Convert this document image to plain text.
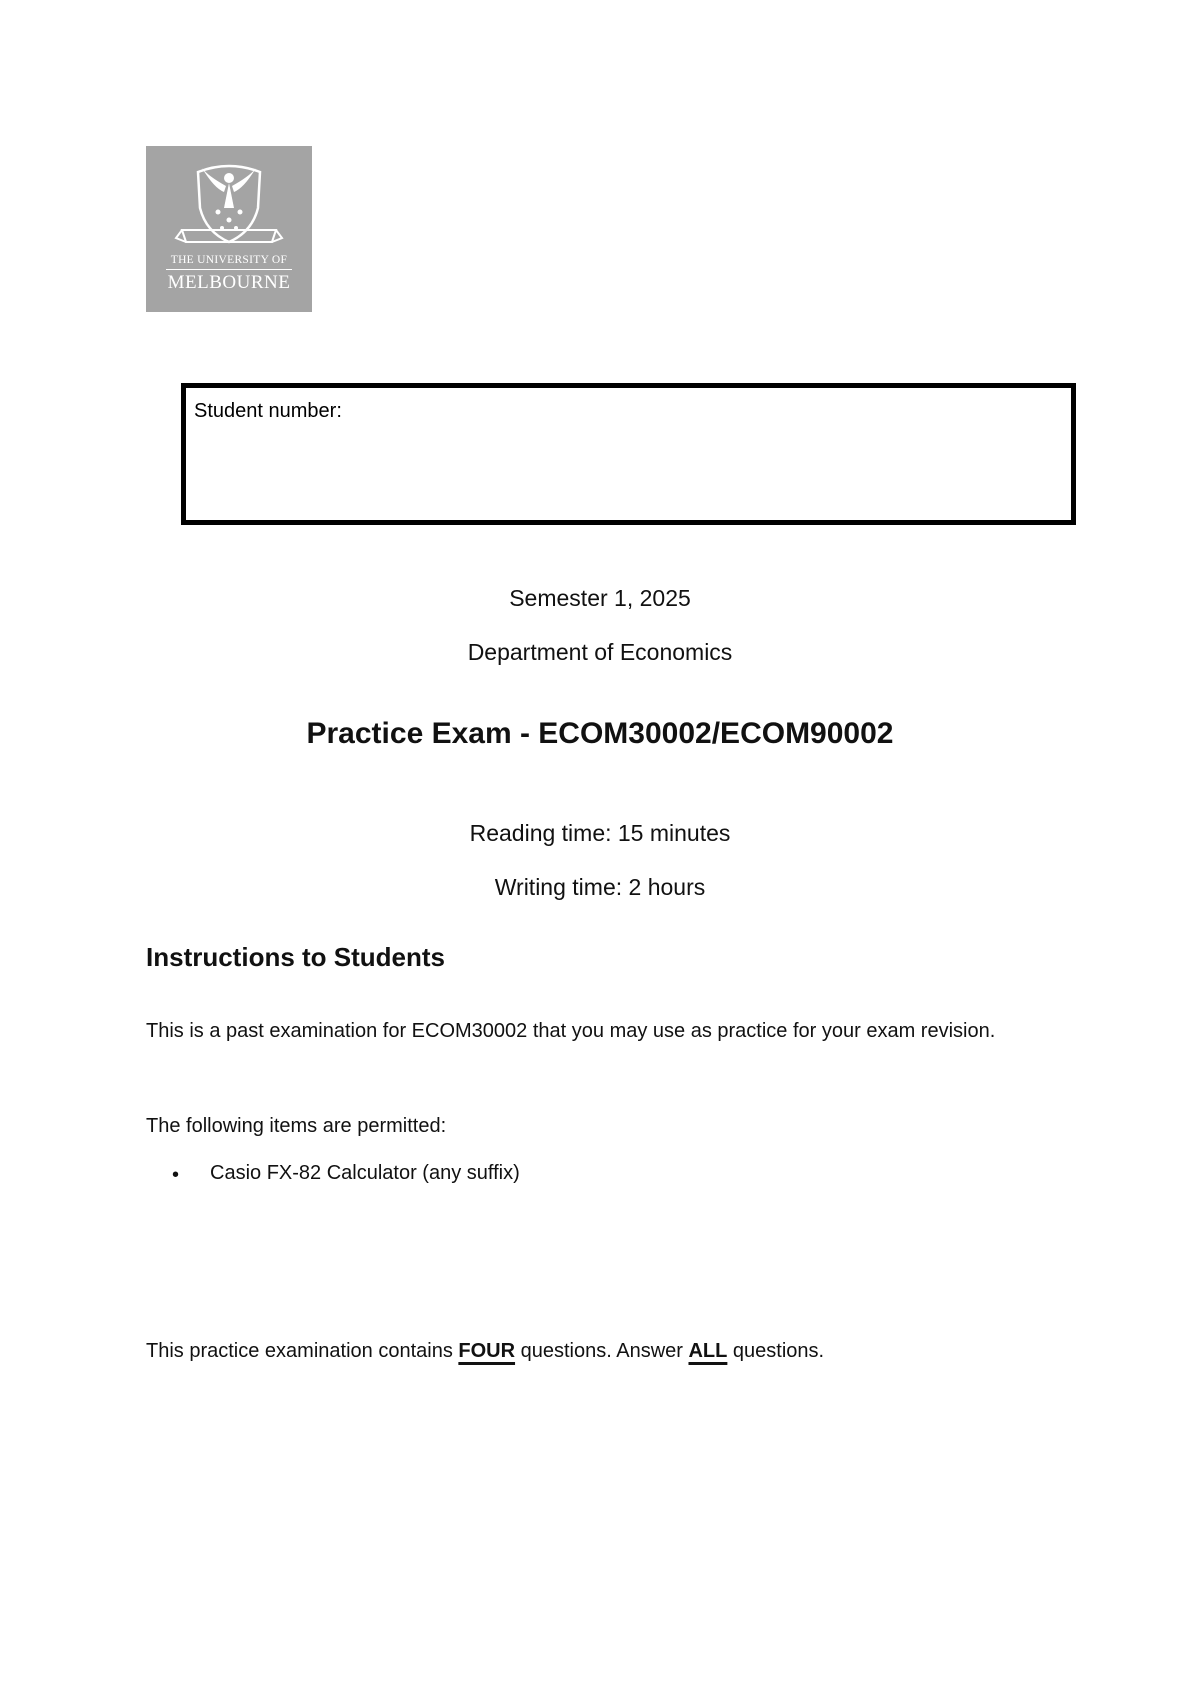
THE UNIVERSITY OF
MELBOURNE
Student number:
Semester 1, 2025
Department of Economics
Practice Exam - ECOM30002/ECOM90002
Reading time: 15 minutes
Writing time: 2 hours
Instructions to Students
This is a past examination for ECOM30002 that you may use as practice for your exam revision.
The following items are permitted:
• Casio FX-82 Calculator (any suffix)
This practice examination contains FOUR questions. Answer ALL questions.
